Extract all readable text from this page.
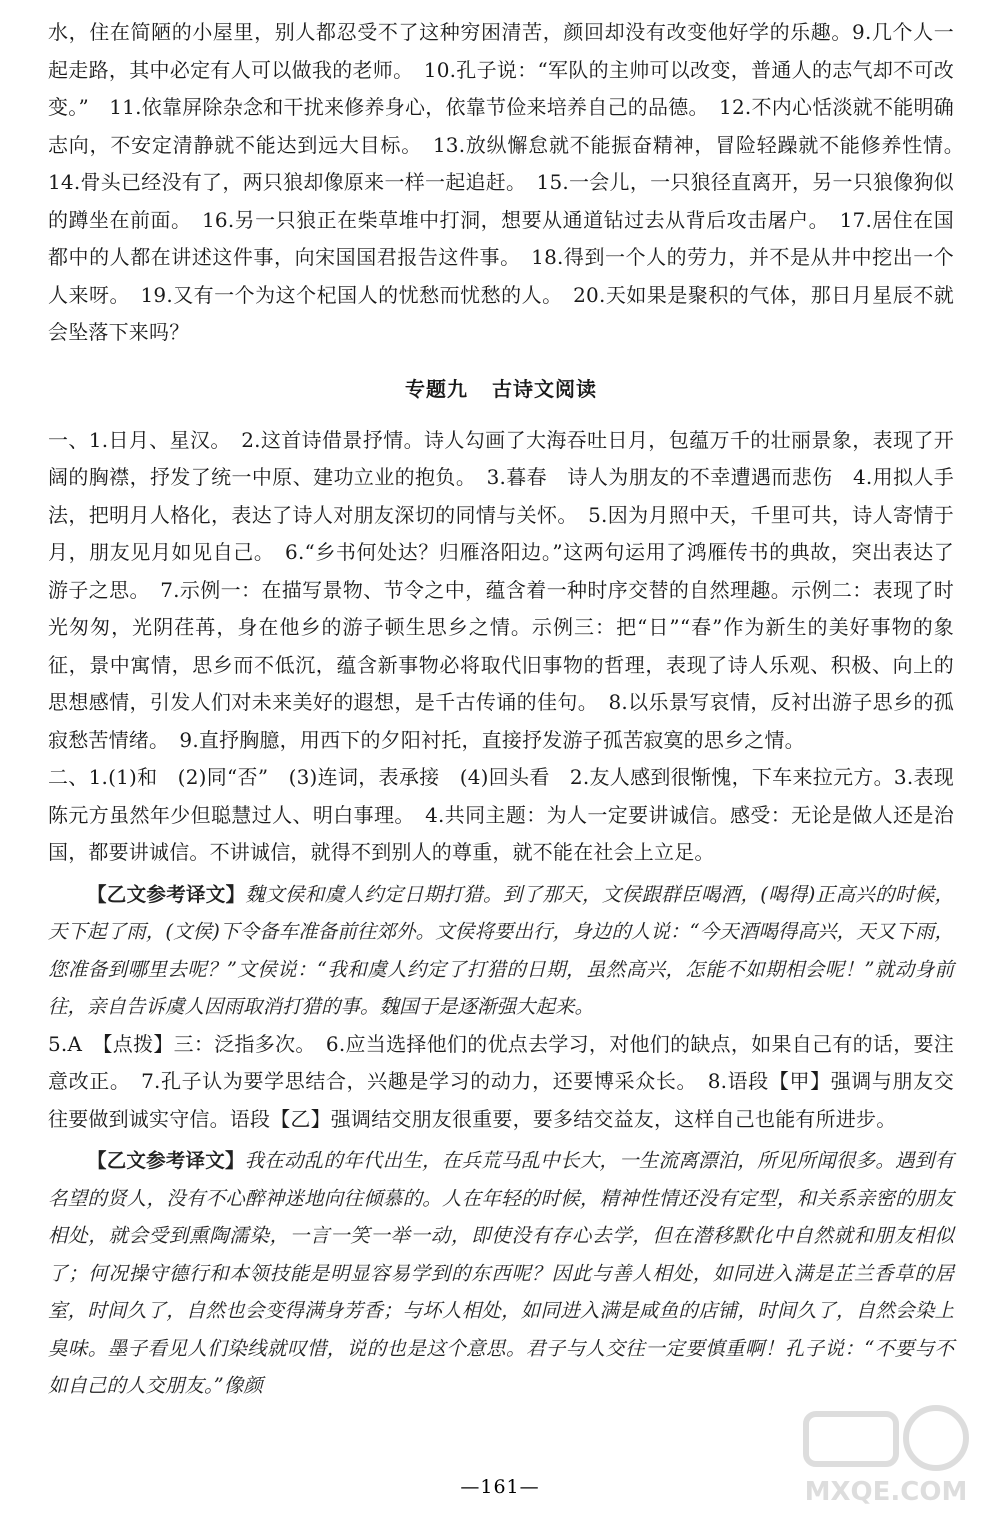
水，住在简陋的小屋里，别人都忍受不了这种穷困清苦，颜回却没有改变他好学的乐趣。9.几个人一起走路，其中必定有人可以做我的老师。　10.孔子说：“军队的主帅可以改变，普通人的志气却不可改变。”　11.依靠屏除杂念和干扰来修养身心，依靠节俭来培养自己的品德。　12.不内心恬淡就不能明确志向，不安定清静就不能达到远大目标。　13.放纵懈怠就不能振奋精神，冒险轻躁就不能修养性情。　14.骨头已经没有了，两只狼却像原来一样一起追赶。　15.一会儿，一只狼径直离开，另一只狼像狗似的蹲坐在前面。　16.另一只狼正在柴草堆中打洞，想要从通道钻过去从背后攻击屠户。　17.居住在国都中的人都在讲述这件事，向宋国国君报告这件事。　18.得到一个人的劳力，并不是从井中挖出一个人来呀。　19.又有一个为这个杞国人的忧愁而忧愁的人。　20.天如果是聚积的气体，那日月星辰不就会坠落下来吗？

专题九 古诗文阅读

一、1.日月、星汉。　2.这首诗借景抒情。诗人勾画了大海吞吐日月，包蕴万千的壮丽景象，表现了开阔的胸襟，抒发了统一中原、建功立业的抱负。　3.暮春　诗人为朋友的不幸遭遇而悲伤　4.用拟人手法，把明月人格化，表达了诗人对朋友深切的同情与关怀。　5.因为月照中天，千里可共，诗人寄情于月，朋友见月如见自己。　6.“乡书何处达？归雁洛阳边。”这两句运用了鸿雁传书的典故，突出表达了游子之思。　7.示例一：在描写景物、节令之中，蕴含着一种时序交替的自然理趣。示例二：表现了时光匆匆，光阴荏苒，身在他乡的游子顿生思乡之情。示例三：把“日”“春”作为新生的美好事物的象征，景中寓情，思乡而不低沉，蕴含新事物必将取代旧事物的哲理，表现了诗人乐观、积极、向上的思想感情，引发人们对未来美好的遐想，是千古传诵的佳句。　8.以乐景写哀情，反衬出游子思乡的孤寂愁苦情绪。　9.直抒胸臆，用西下的夕阳衬托，直接抒发游子孤苦寂寞的思乡之情。

二、1.(1)和　(2)同“否”　(3)连词，表承接　(4)回头看　2.友人感到很惭愧，下车来拉元方。3.表现陈元方虽然年少但聪慧过人、明白事理。　4.共同主题：为人一定要讲诚信。感受：无论是做人还是治国，都要讲诚信。不讲诚信，就得不到别人的尊重，就不能在社会上立足。

【乙文参考译文】魏文侯和虞人约定日期打猎。到了那天，文侯跟群臣喝酒，(喝得)正高兴的时候，天下起了雨，(文侯)下令备车准备前往郊外。文侯将要出行，身边的人说：“今天酒喝得高兴，天又下雨，您准备到哪里去呢？”文侯说：“我和虞人约定了打猎的日期，虽然高兴，怎能不如期相会呢！”就动身前往，亲自告诉虞人因雨取消打猎的事。魏国于是逐渐强大起来。

5.A　【点拨】三：泛指多次。　6.应当选择他们的优点去学习，对他们的缺点，如果自己有的话，要注意改正。　7.孔子认为要学思结合，兴趣是学习的动力，还要博采众长。　8.语段【甲】强调与朋友交往要做到诚实守信。语段【乙】强调结交朋友很重要，要多结交益友，这样自己也能有所进步。

【乙文参考译文】我在动乱的年代出生，在兵荒马乱中长大，一生流离漂泊，所见所闻很多。遇到有名望的贤人，没有不心醉神迷地向往倾慕的。人在年轻的时候，精神性情还没有定型，和关系亲密的朋友相处，就会受到熏陶濡染，一言一笑一举一动，即使没有存心去学，但在潜移默化中自然就和朋友相似了；何况操守德行和本领技能是明显容易学到的东西呢？因此与善人相处，如同进入满是芷兰香草的居室，时间久了，自然也会变得满身芳香；与坏人相处，如同进入满是咸鱼的店铺，时间久了，自然会染上臭味。墨子看见人们染线就叹惜，说的也是这个意思。君子与人交往一定要慎重啊！孔子说：“不要与不如自己的人交朋友。”像颜

—161—	MXQE.COM
